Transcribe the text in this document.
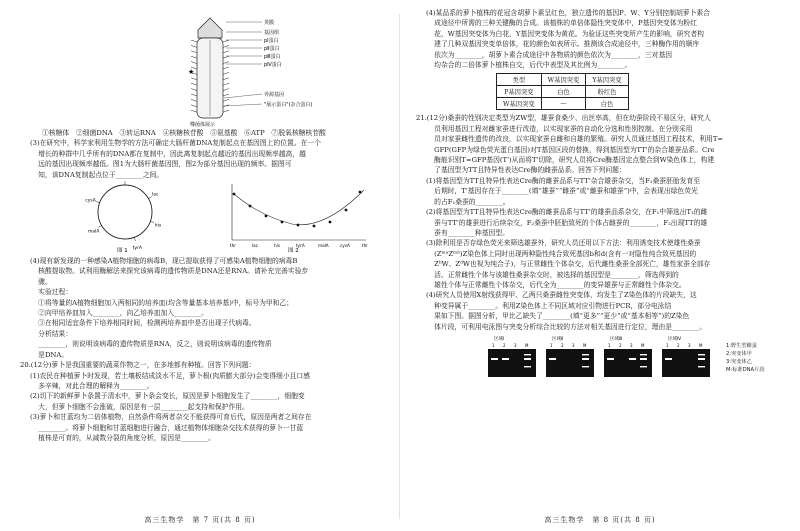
荚膜
基因组
pⅠ蛋白
pⅡ蛋白
pⅢ蛋白
pⅣ蛋白
外源基因
"展示蛋白"(杂合蛋白)
噬菌体展示
★

①核糖体　②细菌DNA　③转运RNA　④核糖核苷酸　⑤氨基酸　⑥ATP　⑦脱氧核糖核苷酸

(3)在研究中，科学家利用生物学的方法可确定大肠杆菌DNA复制起点在基因图上的位置。在一个

增长的种群中几乎所有的DNA都在复制中，因此离复制起点越近的基因出现频率越高，越

远的基因出现频率越低。图1为大肠杆菌基因图，图2为部分基因出现的频率。据图可

知，该DNA复制起点位于________之间。

lac
his
tyrA
malA
cysA
图 1
thr	lac	his	tyrA	malA	cysA	thr
图 2

(4)现有新发现的一种感染A植物细胞的病毒B，现已提取获得了可感染A植物细胞的病毒B

核酸提取物。试利用酶解法来探究该病毒的遗传物质是DNA还是RNA。请补充完善实验步

骤。

实验过程：

①将等量的A植物细胞加入两相同的培养皿(均含等量基本培养基)中，标号为甲和乙；

②向甲培养皿加入________，向乙培养皿加入________。

③在相同适宜条件下培养相同时间，检测两培养皿中是否出现子代病毒。

分析结果：

________，则说明该病毒的遗传物质是RNA，反之，则说明该病毒的遗传物质

是DNA。

20.(12分)萝卜是我国重要的蔬菜作物之一，在多地都有种植。回答下列问题：

(1)农民在种植萝卜时发现，若土壤板结成淡水不足，萝卜根(肉质膨大部分)会变得细小且口感

多辛辣，对此合理的解释为________。

(2)切下的新鲜萝卜条置于清水中，萝卜条会变长，原因是萝卜细胞发生了________，细胞变

大，但萝卜细胞不会涨破，原因是有一层________起支持和保护作用。

(3)萝卜和甘蓝均为二倍体植物，自然条件将两者杂交不能获得可育后代，原因是两者之间存在

________。将萝卜细胞和甘蓝细胞进行融合，通过植物体细胞杂交技术获得的萝卜一甘蓝

植株是可育的，从减数分裂的角度分析，原因是________。

高三生物学　第 7 页(共 8 页)

(4)某品系的萝卜植株的花冠含胡萝卜素呈红色，独立遗传的基因P、W、Y分别控制胡萝卜素合

成途径中所需的三种关键酶的合成。该植株的单倍体隐性突变体中，P基因突变体为粉红

花，W基因突变体为白花，Y基因突变体为黄花。为验证这些突变所产生的影响，研究者构

建了几种双基因突变单倍体，花的颜色如表所示。推测该合成途径中，三种酶作用的顺序

依次为________，胡萝卜素合成途径中各物质的颜色依次为________，三对基因

均杂合的二倍体萝卜植株自交，后代中表型及其比例为________。

类型	W基因突变	Y基因突变
P基因突变	白色	粉红色
W基因突变	—	白色

21.(12分)桑蚕的性别决定类型为ZW型，雄蚕食桑少、出丝率高，但在幼蚕阶段不易区分，研究人

员利用基因工程对雌家蚕进行改造，以实现家蚕的自动化分选和性别控制。在分别采用

员对家蚕雌性遗传的改良，以实现家蚕自雌和自雄的繁殖。研究人员通过基因工程技术，利用T=

GFP(GFP为绿色荧光蛋白基因)对T基因区段的替换，得到基因型为TT'的杂合雄蚕品系。Cre

酶能识别T=GFP基因(T')从而将T'切除，研究人员将Cre酶基因定点整合到W染色体上，构建

了基因型为TT且特异性表达Cre酶的雌蚕品系。回答下列问题：

(1)将基因型为TT且特异性表达Cre酶的雌蚕品系与TT'杂合雄蚕杂交，当F₁桑蚕胚胎发育至

后期时，T'基因存在于________(填“雄蚕”“雌蚕”或“雌蚕和雄蚕”)中，会表现出绿色荧光

的占F₁桑蚕的________。

(2)将基因型为TT且特异性表达Cre酶的雌蚕品系与TT'的雄蚕品系杂交，在F₁中筛选出T₁的雌

蚕与TT'的雄蚕进行后续杂交，F₂桑蚕中胚胎致死的个体占雌蚕的________，F₂出现TT的雄

蚕有________种基因型。

(3)除利用是否存绿色荧光来筛选雄蚕外，研究人员还用以下方法：利用诱变技术使雄性桑蚕

(ZᵐᵃZᵐᵇ)Z染色体上同时出现两种隐性纯合致死基因b和d(含有一对隐性纯合致死基因的

ZᵇW、ZᵈW也视为纯合子)，与正常雌性个体杂交，后代雌性桑蚕全部死亡，雄性家蚕全部存

活。正常雌性个体与该雄性桑蚕杂交时，被选择的基因型是________，筛选得到的

雄性个体与正常雌性个体杂交，后代全为________的变异雄蚕与正常雌性个体杂交。

(4)研究人员使用X射线获得甲、乙两只桑蚕雌性突变体，均发生了Z染色体的片段缺失，这

种变异属于________。利用Z染色体上不同区域对应引物进行PCR，部分电泳结

果如下图。据图分析，甲比乙缺失了________(填“更多”“更少”或“基本相等”)的Z染色

体片段，可利用电泳图与突变分析综合比较的方法对相关基因进行定位，理由是________。

区域Ⅰ
1 2 3 M
区域Ⅱ
1 2 3 M
区域Ⅲ
1 2 3 M
区域Ⅳ
1 2 3 M	1:野生型雌蚕
2:突变体甲
3:突变体乙
M:标准DNA片段
高三生物学　第 8 页(共 8 页)
